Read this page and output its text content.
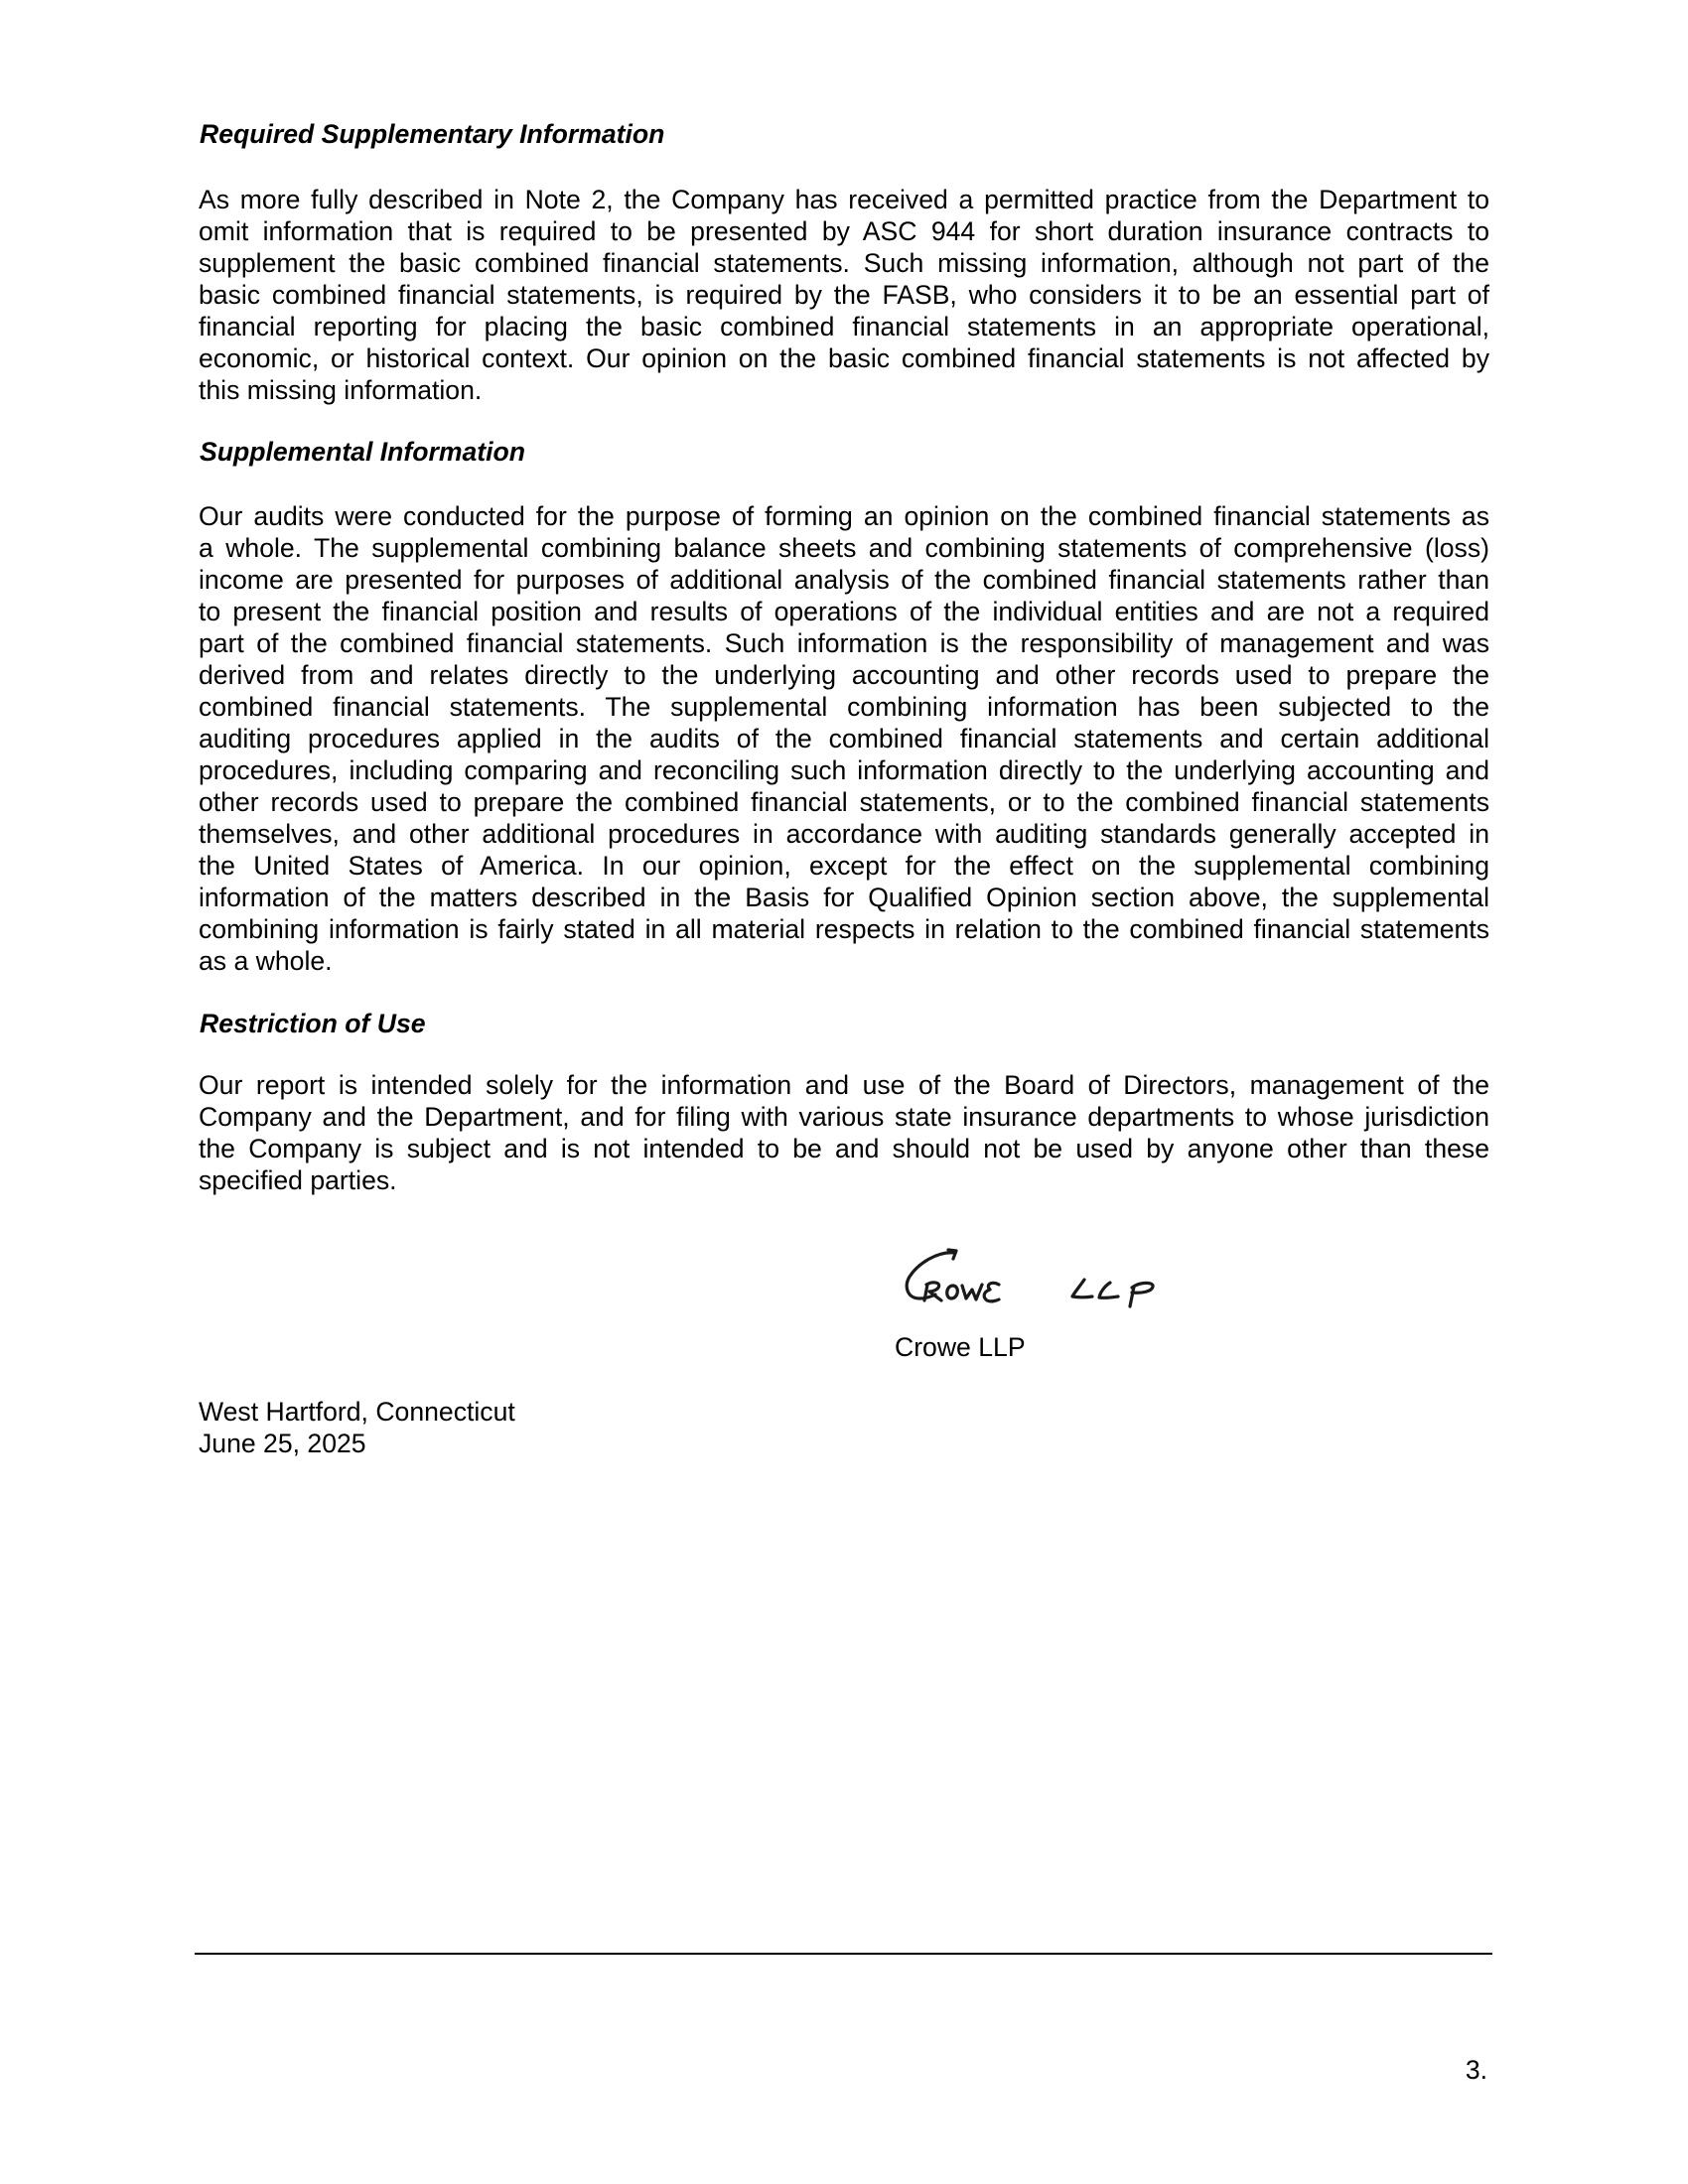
Required Supplementary Information
As more fully described in Note 2, the Company has received a permitted practice from the Department to
omit information that is required to be presented by ASC 944 for short duration insurance contracts to
supplement the basic combined financial statements. Such missing information, although not part of the
basic combined financial statements, is required by the FASB, who considers it to be an essential part of
financial reporting for placing the basic combined financial statements in an appropriate operational,
economic, or historical context. Our opinion on the basic combined financial statements is not affected by
this missing information.
Supplemental Information
Our audits were conducted for the purpose of forming an opinion on the combined financial statements as
a whole. The supplemental combining balance sheets and combining statements of comprehensive (loss)
income are presented for purposes of additional analysis of the combined financial statements rather than
to present the financial position and results of operations of the individual entities and are not a required
part of the combined financial statements. Such information is the responsibility of management and was
derived from and relates directly to the underlying accounting and other records used to prepare the
combined financial statements. The supplemental combining information has been subjected to the
auditing procedures applied in the audits of the combined financial statements and certain additional
procedures, including comparing and reconciling such information directly to the underlying accounting and
other records used to prepare the combined financial statements, or to the combined financial statements
themselves, and other additional procedures in accordance with auditing standards generally accepted in
the United States of America. In our opinion, except for the effect on the supplemental combining
information of the matters described in the Basis for Qualified Opinion section above, the supplemental
combining information is fairly stated in all material respects in relation to the combined financial statements
as a whole.
Restriction of Use
Our report is intended solely for the information and use of the Board of Directors, management of the
Company and the Department, and for filing with various state insurance departments to whose jurisdiction
the Company is subject and is not intended to be and should not be used by anyone other than these
specified parties.
Crowe LLP
West Hartford, Connecticut
June 25, 2025
3.
